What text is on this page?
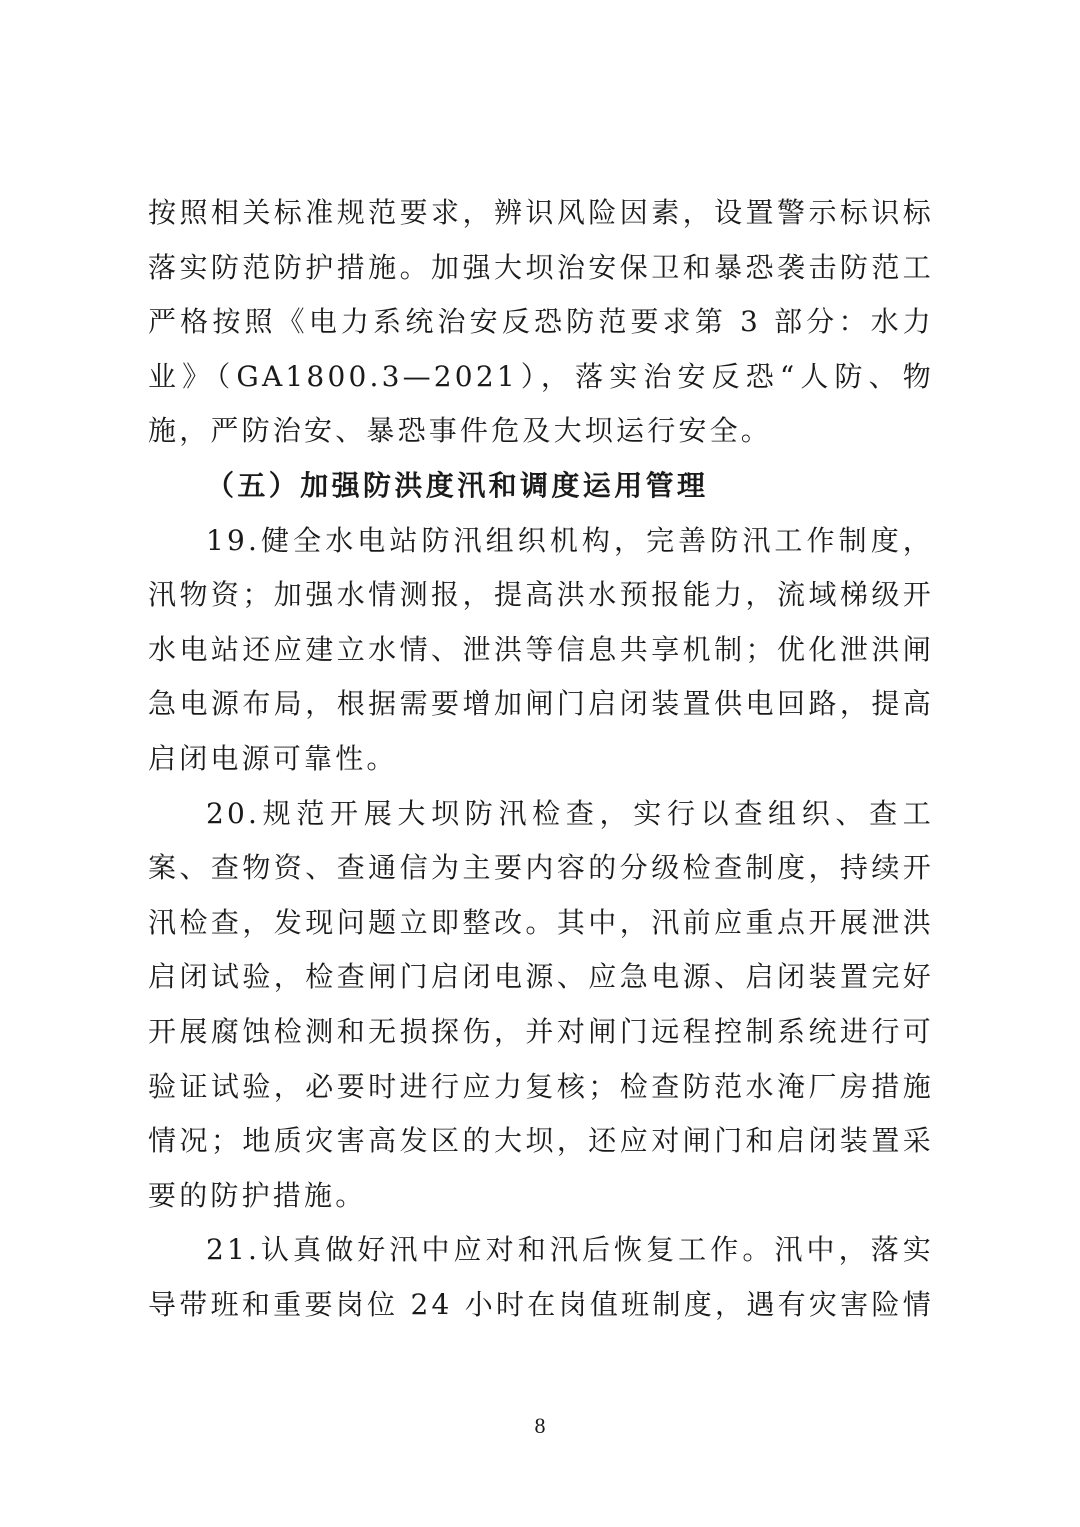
按照相关标准规范要求，辨识风险因素，设置警示标识标
落实防范防护措施。加强大坝治安保卫和暴恐袭击防范工
严格按照《电力系统治安反恐防范要求第 3 部分：水力
业》（GA1800.3—2021），落实治安反恐“人防、物
施，严防治安、暴恐事件危及大坝运行安全。
（五）加强防洪度汛和调度运用管理
19.健全水电站防汛组织机构，完善防汛工作制度，
汛物资；加强水情测报，提高洪水预报能力，流域梯级开
水电站还应建立水情、泄洪等信息共享机制；优化泄洪闸
急电源布局，根据需要增加闸门启闭装置供电回路，提高
启闭电源可靠性。
20.规范开展大坝防汛检查，实行以查组织、查工
案、查物资、查通信为主要内容的分级检查制度，持续开
汛检查，发现问题立即整改。其中，汛前应重点开展泄洪
启闭试验，检查闸门启闭电源、应急电源、启闭装置完好
开展腐蚀检测和无损探伤，并对闸门远程控制系统进行可
验证试验，必要时进行应力复核；检查防范水淹厂房措施
情况；地质灾害高发区的大坝，还应对闸门和启闭装置采
要的防护措施。
21.认真做好汛中应对和汛后恢复工作。汛中，落实
导带班和重要岗位 24 小时在岗值班制度，遇有灾害险情
8
